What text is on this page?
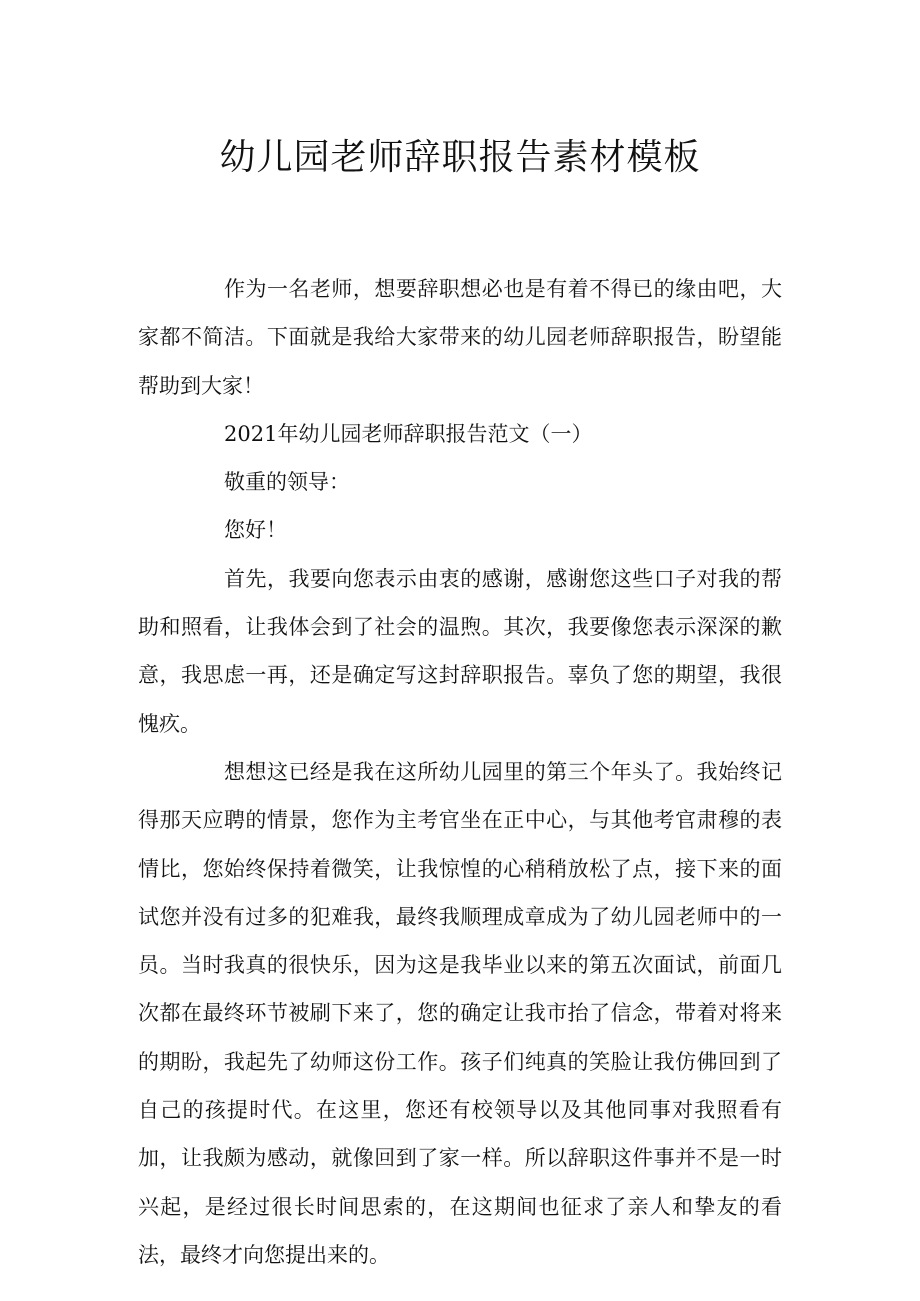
幼儿园老师辞职报告素材模板

作为一名老师，想要辞职想必也是有着不得已的缘由吧，大家都不简洁。下面就是我给大家带来的幼儿园老师辞职报告，盼望能帮助到大家！

2021年幼儿园老师辞职报告范文（一）

敬重的领导：

您好！

首先，我要向您表示由衷的感谢，感谢您这些口子对我的帮助和照看，让我体会到了社会的温煦。其次，我要像您表示深深的歉意，我思虑一再，还是确定写这封辞职报告。辜负了您的期望，我很愧疚。

想想这已经是我在这所幼儿园里的第三个年头了。我始终记得那天应聘的情景，您作为主考官坐在正中心，与其他考官肃穆的表情比，您始终保持着微笑，让我惊惶的心稍稍放松了点，接下来的面试您并没有过多的犯难我，最终我顺理成章成为了幼儿园老师中的一员。当时我真的很快乐，因为这是我毕业以来的第五次面试，前面几次都在最终环节被刷下来了，您的确定让我市抬了信念，带着对将来的期盼，我起先了幼师这份工作。孩子们纯真的笑脸让我仿佛回到了自己的孩提时代。在这里，您还有校领导以及其他同事对我照看有加，让我颇为感动，就像回到了家一样。所以辞职这件事并不是一时兴起，是经过很长时间思索的，在这期间也征求了亲人和挚友的看法，最终才向您提出来的。
